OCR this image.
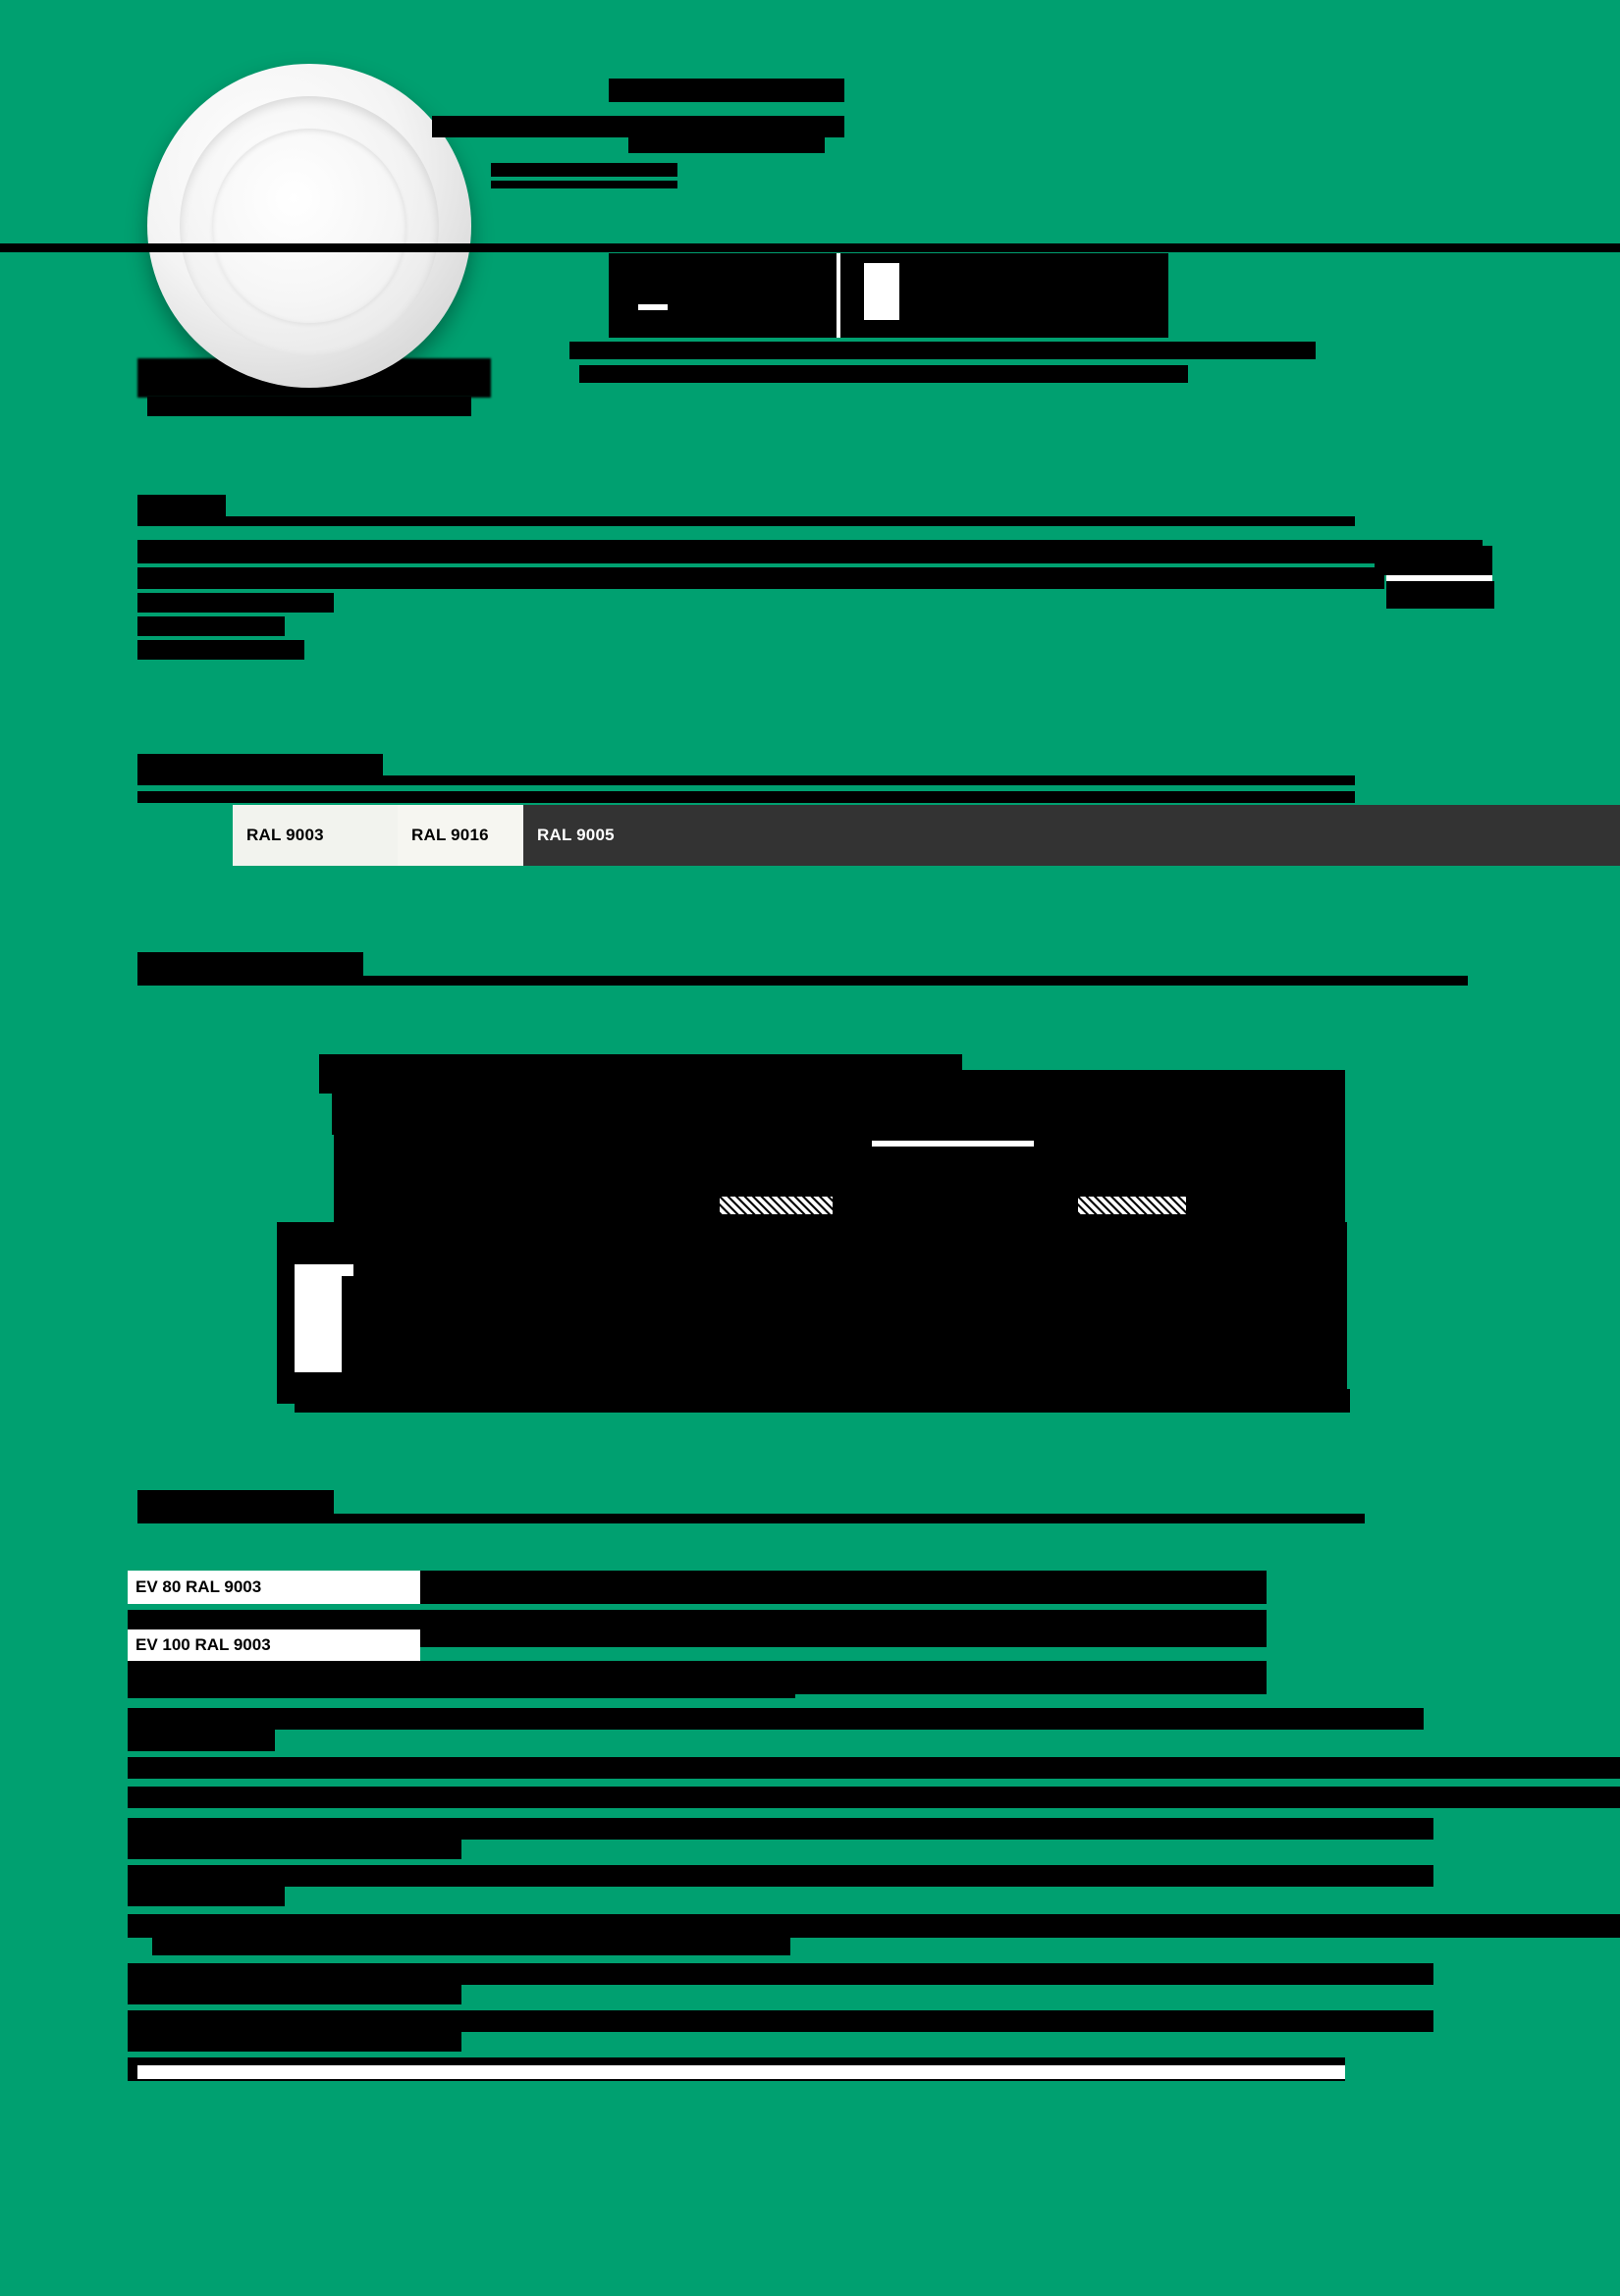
RAL 9003	RAL 9016	RAL 9005
EV 80 RAL 9003
EV 100 RAL 9003
